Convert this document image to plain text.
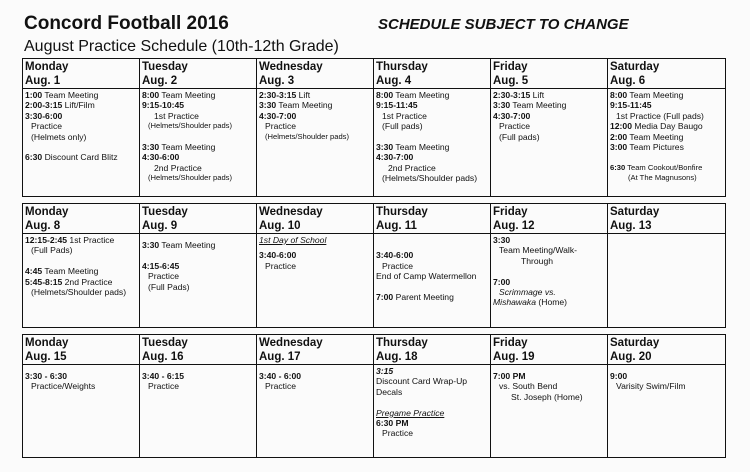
Concord Football 2016	SCHEDULE SUBJECT TO CHANGE
August Practice Schedule (10th-12th Grade)
Monday
Aug. 1
Tuesday
Aug. 2
Wednesday
Aug. 3
Thursday
Aug. 4
Friday
Aug. 5
Saturday
Aug. 6
1:00 Team Meeting
2:00-3:15 Lift/Film
3:30-6:00
Practice
(Helmets only)
6:30 Discount Card Blitz
8:00 Team Meeting
9:15-10:45
1st Practice
(Helmets/Shoulder pads)
3:30 Team Meeting
4:30-6:00
2nd Practice
(Helmets/Shoulder pads)
2:30-3:15 Lift
3:30 Team Meeting
4:30-7:00
Practice
(Helmets/Shoulder pads)
8:00 Team Meeting
9:15-11:45
1st Practice
(Full pads)
3:30 Team Meeting
4:30-7:00
2nd Practice
(Helmets/Shoulder pads)
2:30-3:15 Lift
3:30 Team Meeting
4:30-7:00
Practice
(Full pads)
8:00 Team Meeting
9:15-11:45
1st Practice (Full pads)
12:00 Media Day Baugo
2:00 Team Meeting
3:00 Team Pictures
6:30 Team Cookout/Bonfire
(At The Magnusons)
Monday
Aug. 8
Tuesday
Aug. 9
Wednesday
Aug. 10
Thursday
Aug. 11
Friday
Aug. 12
Saturday
Aug. 13
12:15-2:45 1st Practice
(Full Pads)
4:45 Team Meeting
5:45-8:15 2nd Practice
(Helmets/Shoulder pads)
3:30 Team Meeting
4:15-6:45
Practice
(Full Pads)
1st Day of School
3:40-6:00
Practice
3:40-6:00
Practice
End of Camp Watermellon
7:00 Parent Meeting
3:30
Team Meeting/Walk-
Through
7:00
Scrimmage vs.
Mishawaka (Home)
Monday
Aug. 15
Tuesday
Aug. 16
Wednesday
Aug. 17
Thursday
Aug. 18
Friday
Aug. 19
Saturday
Aug. 20
3:30 - 6:30
Practice/Weights
3:40 - 6:15
Practice
3:40 - 6:00
Practice
3:15
Discount Card Wrap-Up
Decals
Pregame Practice
6:30 PM
Practice
7:00 PM
vs. South Bend
St. Joseph (Home)
9:00
Varisity Swim/Film
